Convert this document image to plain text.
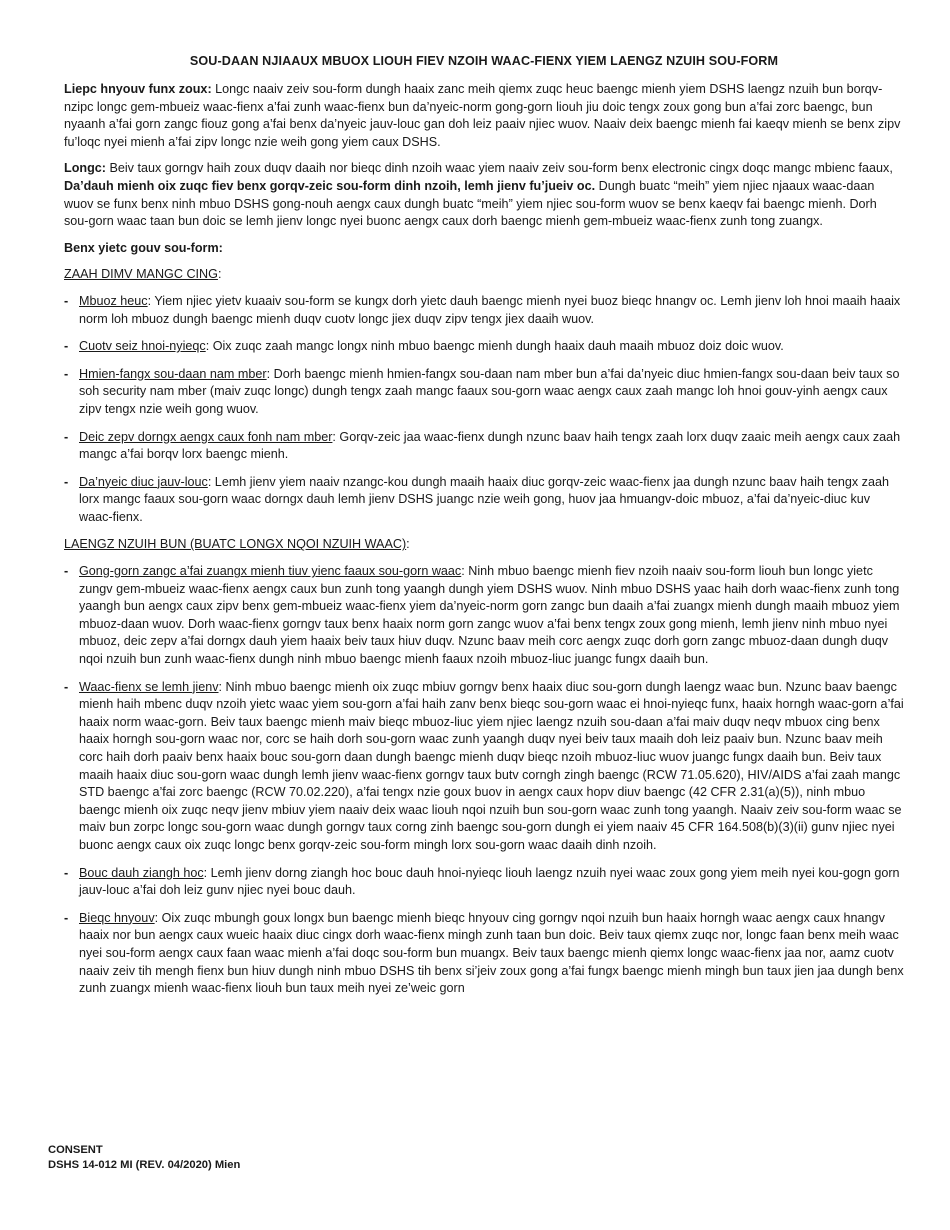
SOU-DAAN NJIAAUX MBUOX LIOUH FIEV NZOIH WAAC-FIENX YIEM LAENGZ NZUIH SOU-FORM

Liepc hnyouv funx zoux: Longc naaiv zeiv sou-form dungh haaix zanc meih qiemx zuqc heuc baengc mienh yiem DSHS laengz nzuih bun borqv-nzipc longc gem-mbueiz waac-fienx a’fai zunh waac-fienx bun da’nyeic-norm gong-gorn liouh jiu doic tengx zoux gong bun a’fai zorc baengc, bun nyaanh a’fai gorn zangc fiouz gong a’fai benx da’nyeic jauv-louc gan doh leiz paaiv njiec wuov. Naaiv deix baengc mienh fai kaeqv mienh se benx zipv fu’loqc nyei mienh a’fai zipv longc nzie weih gong yiem caux DSHS.

Longc: Beiv taux gorngv haih zoux duqv daaih nor bieqc dinh nzoih waac yiem naaiv zeiv sou-form benx electronic cingx doqc mangc mbienc faaux, Da’dauh mienh oix zuqc fiev benx gorqv-zeic sou-form dinh nzoih, lemh jienv fu’jueiv oc. Dungh buatc “meih” yiem njiec njaaux waac-daan wuov se funx benx ninh mbuo DSHS gong-nouh aengx caux dungh buatc “meih” yiem njiec sou-form wuov se benx kaeqv fai baengc mienh. Dorh sou-gorn waac taan bun doic se lemh jienv longc nyei buonc aengx caux dorh baengc mienh gem-mbueiz waac-fienx zunh tong zuangx.

Benx yietc gouv sou-form:

ZAAH DIMV MANGC CING:

- Mbuoz heuc: Yiem njiec yietv kuaaiv sou-form se kungx dorh yietc dauh baengc mienh nyei buoz bieqc hnangv oc. Lemh jienv loh hnoi maaih haaix norm loh mbuoz dungh baengc mienh duqv cuotv longc jiex duqv zipv tengx jiex daaih wuov.
- Cuotv seiz hnoi-nyieqc: Oix zuqc zaah mangc longx ninh mbuo baengc mienh dungh haaix dauh maaih mbuoz doiz doic wuov.
- Hmien-fangx sou-daan nam mber: Dorh baengc mienh hmien-fangx sou-daan nam mber bun a’fai da’nyeic diuc hmien-fangx sou-daan beiv taux so soh security nam mber (maiv zuqc longc) dungh tengx zaah mangc faaux sou-gorn waac aengx caux zaah mangc loh hnoi gouv-yinh aengx caux zipv tengx nzie weih gong wuov.
- Deic zepv dorngx aengx caux fonh nam mber: Gorqv-zeic jaa waac-fienx dungh nzunc baav haih tengx zaah lorx duqv zaaic meih aengx caux zaah mangc a’fai borqv lorx baengc mienh.
- Da’nyeic diuc jauv-louc: Lemh jienv yiem naaiv nzangc-kou dungh maaih haaix diuc gorqv-zeic waac-fienx jaa dungh nzunc baav haih tengx zaah lorx mangc faaux sou-gorn waac dorngx dauh lemh jienv DSHS juangc nzie weih gong, huov jaa hmuangv-doic mbuoz, a’fai da’nyeic-diuc kuv waac-fienx.

LAENGZ NZUIH BUN (BUATC LONGX NQOI NZUIH WAAC):

- Gong-gorn zangc a’fai zuangx mienh tiuv yienc faaux sou-gorn waac: Ninh mbuo baengc mienh fiev nzoih naaiv sou-form liouh bun longc yietc zungv gem-mbueiz waac-fienx aengx caux bun zunh tong yaangh dungh yiem DSHS wuov. Ninh mbuo DSHS yaac haih dorh waac-fienx zunh tong yaangh bun aengx caux zipv benx gem-mbueiz waac-fienx yiem da’nyeic-norm gorn zangc bun daaih a’fai zuangx mienh dungh maaih mbuoz yiem mbuoz-daan wuov. Dorh waac-fienx gorngv taux benx haaix norm gorn zangc wuov a’fai benx tengx zoux gong mienh, lemh jienv ninh mbuo nyei mbuoz, deic zepv a’fai dorngx dauh yiem haaix beiv taux hiuv duqv. Nzunc baav meih corc aengx zuqc dorh gorn zangc mbuoz-daan dungh duqv nqoi nzuih bun zunh waac-fienx dungh ninh mbuo baengc mienh faaux nzoih mbuoz-liuc juangc fungx daaih bun.
- Waac-fienx se lemh jienv: Ninh mbuo baengc mienh oix zuqc mbiuv gorngv benx haaix diuc sou-gorn dungh laengz waac bun. Nzunc baav baengc mienh haih mbenc duqv nzoih yietc waac yiem sou-gorn a’fai haih zanv benx bieqc sou-gorn waac ei hnoi-nyieqc funx, haaix horngh waac-gorn a’fai haaix norm waac-gorn. Beiv taux baengc mienh maiv bieqc mbuoz-liuc yiem njiec laengz nzuih sou-daan a’fai maiv duqv neqv mbuox cing benx haaix horngh sou-gorn waac nor, corc se haih dorh sou-gorn waac zunh yaangh duqv nyei beiv taux maaih doh leiz paaiv bun. Nzunc baav meih corc haih dorh paaiv benx haaix bouc sou-gorn daan dungh baengc mienh duqv bieqc nzoih mbuoz-liuc wuov juangc fungx daaih bun. Beiv taux maaih haaix diuc sou-gorn waac dungh lemh jienv waac-fienx gorngv taux butv corngh zingh baengc (RCW 71.05.620), HIV/AIDS a’fai zaah mangc STD baengc a’fai zorc baengc (RCW 70.02.220), a’fai tengx nzie goux buov in aengx caux hopv diuv baengc (42 CFR 2.31(a)(5)), ninh mbuo baengc mienh oix zuqc neqv jienv mbiuv yiem naaiv deix waac liouh nqoi nzuih bun sou-gorn waac zunh tong yaangh. Naaiv zeiv sou-form waac se maiv bun zorpc longc sou-gorn waac dungh gorngv taux corng zinh baengc sou-gorn dungh ei yiem naaiv 45 CFR 164.508(b)(3)(ii) gunv njiec nyei buonc aengx caux oix zuqc longc benx gorqv-zeic sou-form mingh lorx sou-gorn waac daaih dinh nzoih.
- Bouc dauh ziangh hoc: Lemh jienv dorng ziangh hoc bouc dauh hnoi-nyieqc liouh laengz nzuih nyei waac zoux gong yiem meih nyei kou-gogn gorn jauv-louc a’fai doh leiz gunv njiec nyei bouc dauh.
- Bieqc hnyouv: Oix zuqc mbungh goux longx bun baengc mienh bieqc hnyouv cing gorngv nqoi nzuih bun haaix horngh waac aengx caux hnangv haaix nor bun aengx caux wueic haaix diuc cingx dorh waac-fienx mingh zunh taan bun doic. Beiv taux qiemx zuqc nor, longc faan benx meih waac nyei sou-form aengx caux faan waac mienh a’fai doqc sou-form bun muangx. Beiv taux baengc mienh qiemx longc waac-fienx jaa nor, aamz cuotv naaiv zeiv tih mengh fienx bun hiuv dungh ninh mbuo DSHS tih benx si’jeiv zoux gong a’fai fungx baengc mienh mingh bun taux jien jaa dungh benx zunh zuangx mienh waac-fienx liouh bun taux meih nyei ze’weic gorn
CONSENT
DSHS 14-012 MI (REV. 04/2020) Mien
